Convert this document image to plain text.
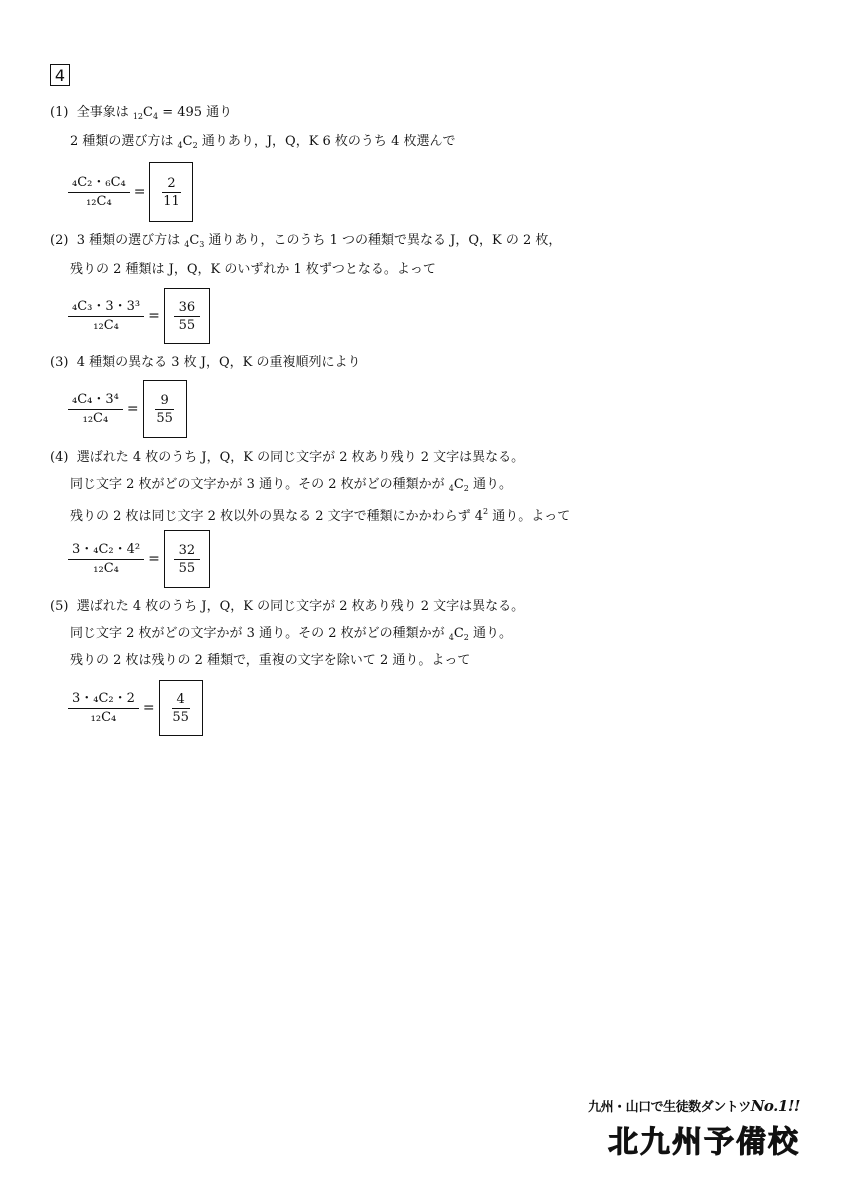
4
(1) 全事象は $_{12}C_4 = 495$ 通り
2 種類の選び方は $_4C_2$ 通りあり，J，Q，K 6 枚のうち 4 枚選んで
$\frac{\text{₄C₂・₆C₄}}{\text{₁₂C₄}} = \frac{2}{11}$
(2) 3 種類の選び方は $_4C_3$ 通りあり，このうち 1 つの種類で異なる J，Q，K の 2 枚，
残りの 2 種類は J，Q，K のいずれか 1 枚ずつとなる。よって
$\frac{\text{₄C₃・3・3³}}{\text{₁₂C₄}} = \frac{36}{55}$
(3) 4 種類の異なる 3 枚 J，Q，K の重複順列により
$\frac{\text{₄C₄・3⁴}}{\text{₁₂C₄}} = \frac{9}{55}$
(4) 選ばれた 4 枚のうち J，Q，K の同じ文字が 2 枚あり残り 2 文字は異なる。
同じ文字 2 枚がどの文字かが 3 通り。その 2 枚がどの種類かが $_4C_2$ 通り。
残りの 2 枚は同じ文字 2 枚以外の異なる 2 文字で種類にかかわらず $4^2$ 通り。よって
$\frac{\text{3・₄C₂・4²}}{\text{₁₂C₄}} = \frac{32}{55}$
(5) 選ばれた 4 枚のうち J，Q，K の同じ文字が 2 枚あり残り 2 文字は異なる。
同じ文字 2 枚がどの文字かが 3 通り。その 2 枚がどの種類かが $_4C_2$ 通り。
残りの 2 枚は残りの 2 種類で，重複の文字を除いて 2 通り。よって
$\frac{\text{3・₄C₂・2}}{\text{₁₂C₄}} = \frac{4}{55}$
九州・山口で生徒数ダントツNo.1!!
北九州予備校
